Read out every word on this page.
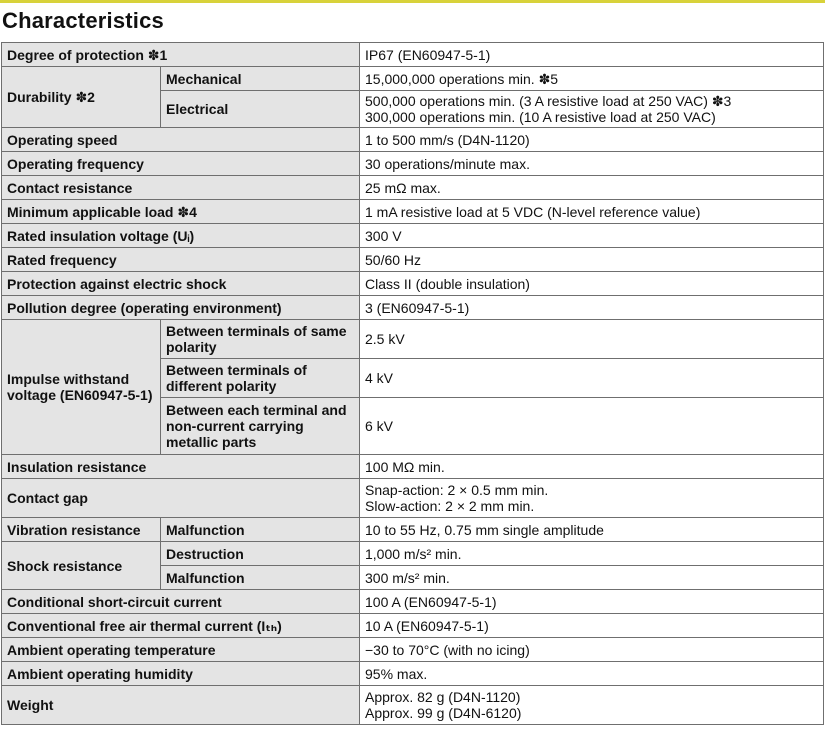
Characteristics
Degree of protection ✽1		IP67 (EN60947-5-1)
Durability ✽2	Mechanical	15,000,000 operations min. ✽5
	Electrical	500,000 operations min. (3 A resistive load at 250 VAC) ✽3
300,000 operations min. (10 A resistive load at 250 VAC)
Operating speed		1 to 500 mm/s (D4N-1120)
Operating frequency		30 operations/minute max.
Contact resistance		25 mΩ max.
Minimum applicable load ✽4		1 mA resistive load at 5 VDC (N-level reference value)
Rated insulation voltage (Uᵢ)		300 V
Rated frequency		50/60 Hz
Protection against electric shock		Class II (double insulation)
Pollution degree (operating environment)		3 (EN60947-5-1)
Impulse withstand voltage (EN60947-5-1)	Between terminals of same polarity	2.5 kV
	Between terminals of different polarity	4 kV
	Between each terminal and non-current carrying metallic parts	6 kV
Insulation resistance		100 MΩ min.
Contact gap		Snap-action: 2 × 0.5 mm min.
Slow-action: 2 × 2 mm min.
Vibration resistance	Malfunction	10 to 55 Hz, 0.75 mm single amplitude
Shock resistance	Destruction	1,000 m/s² min.
	Malfunction	300 m/s² min.
Conditional short-circuit current		100 A (EN60947-5-1)
Conventional free air thermal current (Iₜₕ)		10 A (EN60947-5-1)
Ambient operating temperature		−30 to 70°C (with no icing)
Ambient operating humidity		95% max.
Weight		Approx. 82 g (D4N-1120)
Approx. 99 g (D4N-6120)
